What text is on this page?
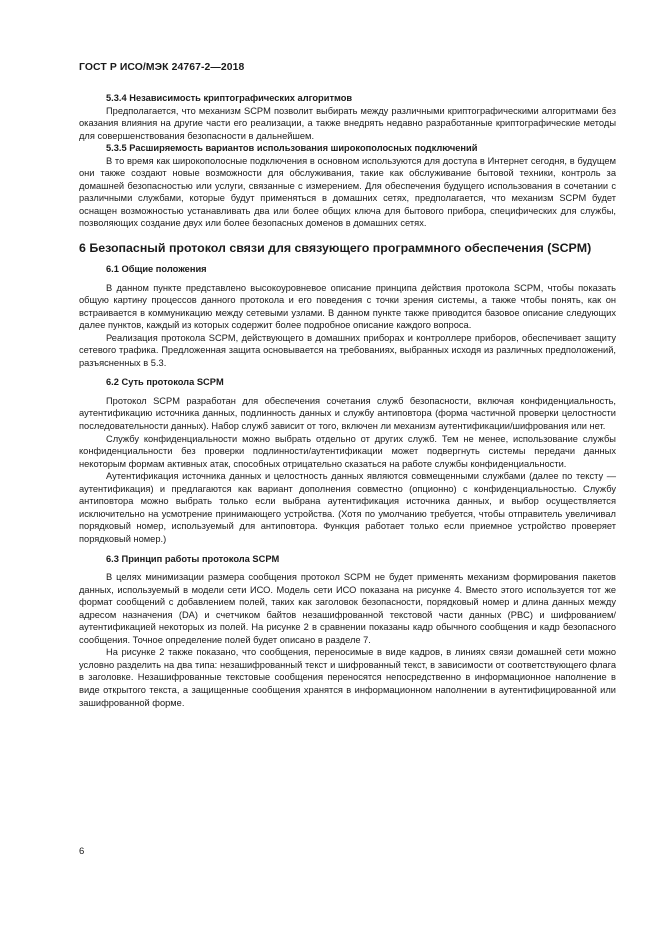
ГОСТ Р ИСО/МЭК 24767-2—2018
5.3.4 Независимость криптографических алгоритмов

Предполагается, что механизм SCPM позволит выбирать между различными криптографическими алгоритмами без оказания влияния на другие части его реализации, а также внедрять недавно разработанные криптографические методы для совершенствования безопасности в дальнейшем.

5.3.5 Расширяемость вариантов использования широкополосных подключений

В то время как широкополосные подключения в основном используются для доступа в Интернет сегодня, в будущем они также создают новые возможности для обслуживания, такие как обслуживание бытовой техники, контроль за домашней безопасностью или услуги, связанные с измерением. Для обеспечения будущего использования в сочетании с различными службами, которые будут применяться в домашних сетях, предполагается, что механизм SCPM будет оснащен возможностью устанавливать два или более общих ключа для бытового прибора, специфических для службы, позволяющих создание двух или более безопасных доменов в домашних сетях.

6 Безопасный протокол связи для связующего программного обеспечения (SCPM)
6.1 Общие положения

В данном пункте представлено высокоуровневое описание принципа действия протокола SCPM, чтобы показать общую картину процессов данного протокола и его поведения с точки зрения системы, а также чтобы понять, как он встраивается в коммуникацию между сетевыми узлами. В данном пункте также приводится базовое описание следующих далее пунктов, каждый из которых содержит более подробное описание каждого вопроса.

Реализация протокола SCPM, действующего в домашних приборах и контроллере приборов, обеспечивает защиту сетевого трафика. Предложенная защита основывается на требованиях, выбранных исходя из различных предположений, разъясненных в 5.3.

6.2 Суть протокола SCPM

Протокол SCPM разработан для обеспечения сочетания служб безопасности, включая конфиденциальность, аутентификацию источника данных, подлинность данных и службу антиповтора (форма частичной проверки целостности последовательности данных). Набор служб зависит от того, включен ли механизм аутентификации/шифрования или нет.

Службу конфиденциальности можно выбрать отдельно от других служб. Тем не менее, использование службы конфиденциальности без проверки подлинности/аутентификации может подвергнуть системы передачи данных некоторым формам активных атак, способных отрицательно сказаться на работе службы конфиденциальности.

Аутентификация источника данных и целостность данных являются совмещенными службами (далее по тексту — аутентификация) и предлагаются как вариант дополнения совместно (опционно) с конфиденциальностью. Службу антиповтора можно выбрать только если выбрана аутентификация источника данных, и выбор осуществляется исключительно на усмотрение принимающего устройства. (Хотя по умолчанию требуется, чтобы отправитель увеличивал порядковый номер, используемый для антиповтора. Функция работает только если приемное устройство проверяет порядковый номер.)

6.3 Принцип работы протокола SCPM

В целях минимизации размера сообщения протокол SCPM не будет применять механизм формирования пакетов данных, используемый в модели сети ИСО. Модель сети ИСО показана на рисунке 4. Вместо этого используется тот же формат сообщений с добавлением полей, таких как заголовок безопасности, порядковый номер и длина данных между адресом назначения (DA) и счетчиком байтов незашифрованной текстовой части данных (PBC) и шифрованием/аутентификацией некоторых из полей. На рисунке 2 в сравнении показаны кадр обычного сообщения и кадр безопасного сообщения. Точное определение полей будет описано в разделе 7.

На рисунке 2 также показано, что сообщения, переносимые в виде кадров, в линиях связи домашней сети можно условно разделить на два типа: незашифрованный текст и шифрованный текст, в зависимости от соответствующего флага в заголовке. Незашифрованные текстовые сообщения переносятся непосредственно в информационное наполнение в виде открытого текста, а защищенные сообщения хранятся в информационном наполнении в аутентифицированной или зашифрованной форме.

6
